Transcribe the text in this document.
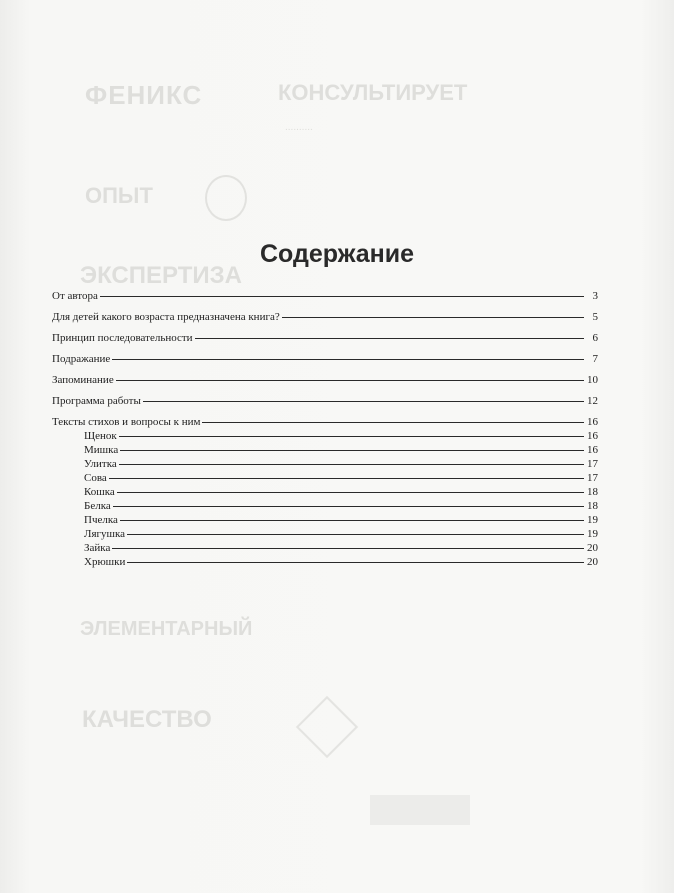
ФЕНИКС	КОНСУЛЬТИРУЕТ
..........
ОПЫТ
ЭКСПЕРТИЗА
ЭЛЕМЕНТАРНЫЙ
КАЧЕСТВО
Содержание
От автора	3
Для детей какого возраста предназначена книга?	5
Принцип последовательности	6
Подражание	7
Запоминание	10
Программа работы	12
Тексты стихов и вопросы к ним	16
Щенок	16
Мишка	16
Улитка	17
Сова	17
Кошка	18
Белка	18
Пчелка	19
Лягушка	19
Зайка	20
Хрюшки	20
